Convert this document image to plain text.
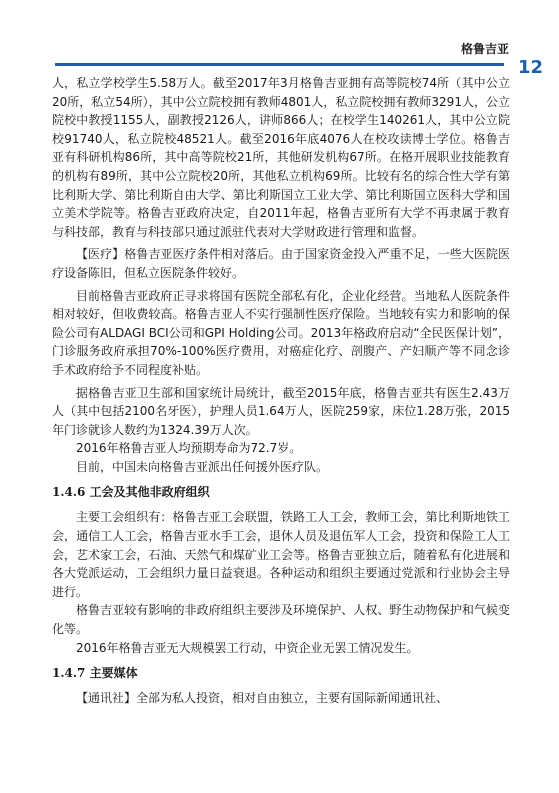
格鲁吉亚
12

人，私立学校学生5.58万人。截至2017年3月格鲁吉亚拥有高等院校74所（其中公立20所，私立54所），其中公立院校拥有教师4801人，私立院校拥有教师3291人，公立院校中教授1155人，副教授2126人，讲师866人；在校学生140261人，其中公立院校91740人，私立院校48521人。截至2016年底4076人在校攻读博士学位。格鲁吉亚有科研机构86所，其中高等院校21所，其他研发机构67所。在格开展职业技能教育的机构有89所，其中公立院校20所，其他私立机构69所。比较有名的综合性大学有第比利斯大学、第比利斯自由大学、第比利斯国立工业大学、第比利斯国立医科大学和国立美术学院等。格鲁吉亚政府决定，自2011年起，格鲁吉亚所有大学不再隶属于教育与科技部，教育与科技部只通过派驻代表对大学财政进行管理和监督。

【医疗】格鲁吉亚医疗条件相对落后。由于国家资金投入严重不足，一些大医院医疗设备陈旧，但私立医院条件较好。

目前格鲁吉亚政府正寻求将国有医院全部私有化，企业化经营。当地私人医院条件相对较好，但收费较高。格鲁吉亚人不实行强制性医疗保险。当地较有实力和影响的保险公司有ALDAGI BCI公司和GPI Holding公司。2013年格政府启动“全民医保计划”，门诊服务政府承担70%-100%医疗费用，对癌症化疗、剖腹产、产妇顺产等不同念诊手术政府给予不同程度补贴。

据格鲁吉亚卫生部和国家统计局统计，截至2015年底，格鲁吉亚共有医生2.43万人（其中包括2100名牙医），护理人员1.64万人，医院259家，床位1.28万张，2015年门诊就诊人数约为1324.39万人次。

2016年格鲁吉亚人均预期寿命为72.7岁。

目前，中国未向格鲁吉亚派出任何援外医疗队。

1.4.6 工会及其他非政府组织

主要工会组织有：格鲁吉亚工会联盟，铁路工人工会，教师工会，第比利斯地铁工会，通信工人工会，格鲁吉亚水手工会，退休人员及退伍军人工会，投资和保险工人工会，艺术家工会，石油、天然气和煤矿业工会等。格鲁吉亚独立后，随着私有化进展和各大党派运动，工会组织力量日益衰退。各种运动和组织主要通过党派和行业协会主导进行。

格鲁吉亚较有影响的非政府组织主要涉及环境保护、人权、野生动物保护和气候变化等。

2016年格鲁吉亚无大规模罢工行动，中资企业无罢工情况发生。

1.4.7 主要媒体

【通讯社】全部为私人投资，相对自由独立，主要有国际新闻通讯社、
